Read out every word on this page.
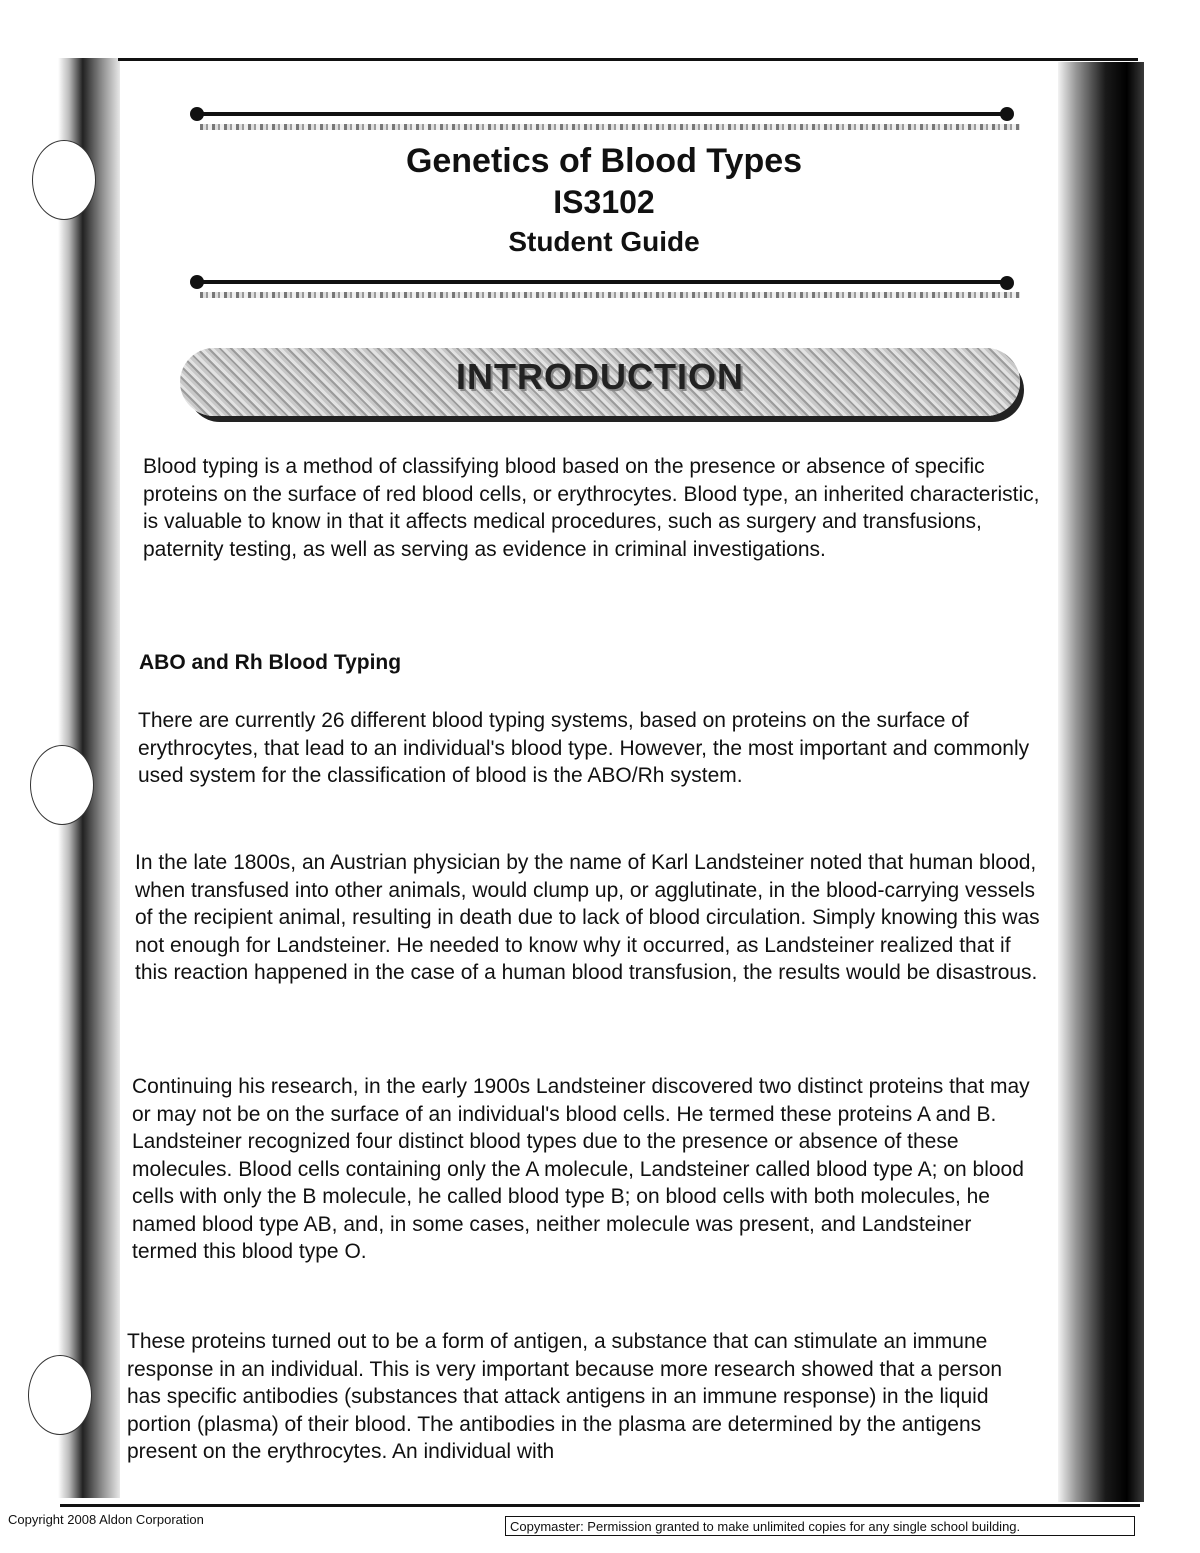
Genetics of Blood Types
IS3102
Student Guide
INTRODUCTION

Blood typing is a method of classifying blood based on the presence or absence of specific proteins on the surface of red blood cells, or erythrocytes. Blood type, an inherited characteristic, is valuable to know in that it affects medical procedures, such as surgery and transfusions, paternity testing, as well as serving as evidence in criminal investigations.

ABO and Rh Blood Typing

There are currently 26 different blood typing systems, based on proteins on the surface of erythrocytes, that lead to an individual's blood type. However, the most important and commonly used system for the classification of blood is the ABO/Rh system.

In the late 1800s, an Austrian physician by the name of Karl Landsteiner noted that human blood, when transfused into other animals, would clump up, or agglutinate, in the blood-carrying vessels of the recipient animal, resulting in death due to lack of blood circulation. Simply knowing this was not enough for Landsteiner. He needed to know why it occurred, as Landsteiner realized that if this reaction happened in the case of a human blood transfusion, the results would be disastrous.

Continuing his research, in the early 1900s Landsteiner discovered two distinct proteins that may or may not be on the surface of an individual's blood cells. He termed these proteins A and B. Landsteiner recognized four distinct blood types due to the presence or absence of these molecules. Blood cells containing only the A molecule, Landsteiner called blood type A; on blood cells with only the B molecule, he called blood type B; on blood cells with both molecules, he named blood type AB, and, in some cases, neither molecule was present, and Landsteiner termed this blood type O.

These proteins turned out to be a form of antigen, a substance that can stimulate an immune response in an individual. This is very important because more research showed that a person has specific antibodies (substances that attack antigens in an immune response) in the liquid portion (plasma) of their blood. The antibodies in the plasma are determined by the antigens present on the erythrocytes. An individual with

Copyright 2008 Aldon Corporation	Copymaster: Permission granted to make unlimited copies for any single school building.
